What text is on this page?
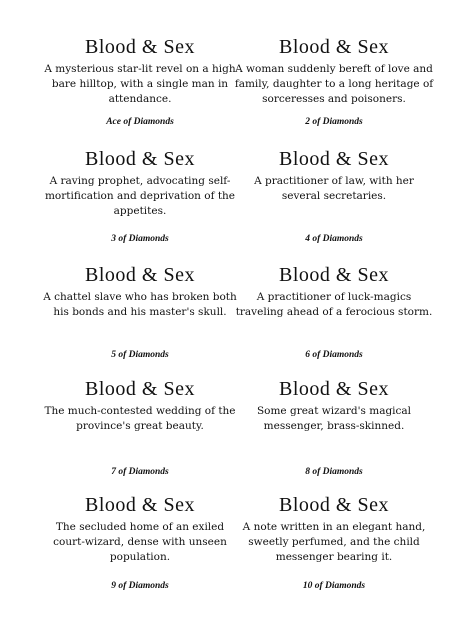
Blood & Sex

A mysterious star-lit revel on a high bare hilltop, with a single man in attendance.

Ace of Diamonds
Blood & Sex

A woman suddenly bereft of love and family, daughter to a long heritage of sorceresses and poisoners.

2 of Diamonds
Blood & Sex

A raving prophet, advocating self-mortification and deprivation of the appetites.

3 of Diamonds
Blood & Sex

A practitioner of law, with her several secretaries.

4 of Diamonds
Blood & Sex

A chattel slave who has broken both his bonds and his master's skull.

5 of Diamonds
Blood & Sex

A practitioner of luck-magics traveling ahead of a ferocious storm.

6 of Diamonds
Blood & Sex

The much-contested wedding of the province's great beauty.

7 of Diamonds
Blood & Sex

Some great wizard's magical messenger, brass-skinned.

8 of Diamonds
Blood & Sex

The secluded home of an exiled court-wizard, dense with unseen population.

9 of Diamonds
Blood & Sex

A note written in an elegant hand, sweetly perfumed, and the child messenger bearing it.

10 of Diamonds
